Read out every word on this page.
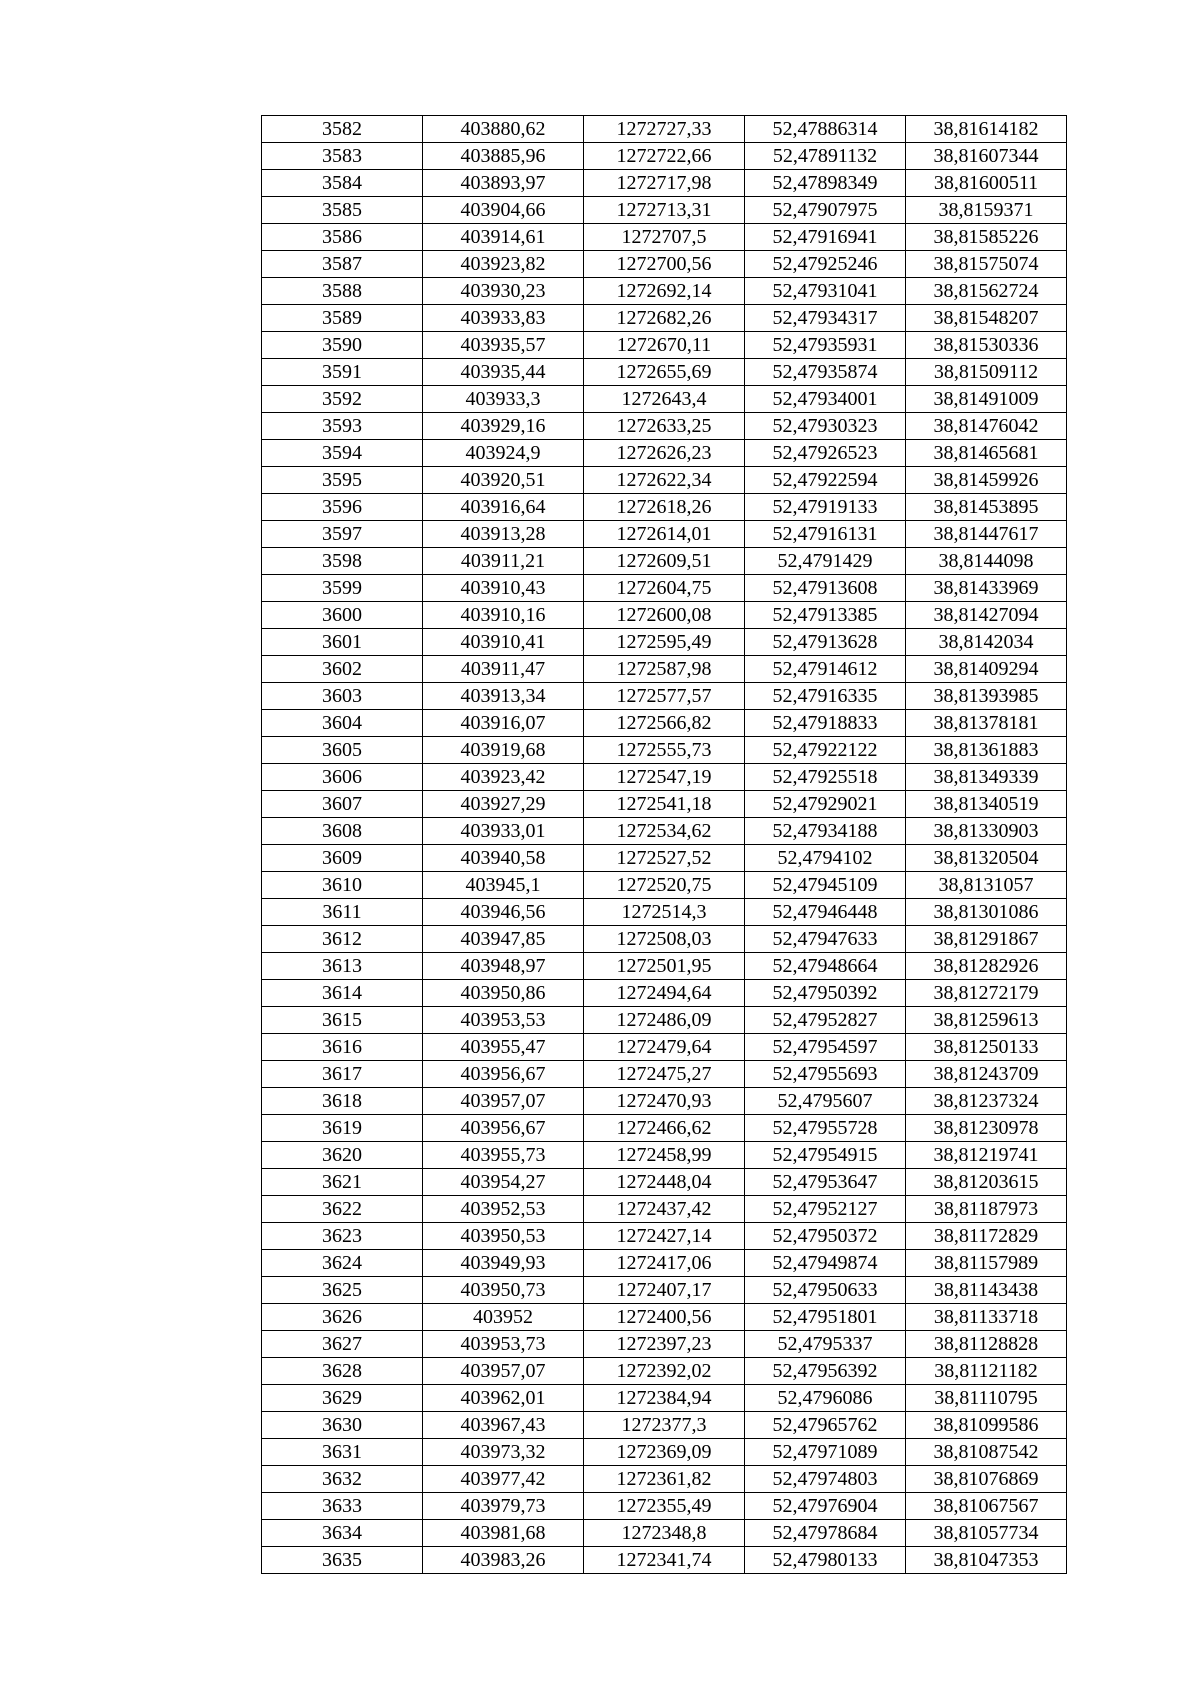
3582	403880,62	1272727,33	52,47886314	38,81614182
3583	403885,96	1272722,66	52,47891132	38,81607344
3584	403893,97	1272717,98	52,47898349	38,81600511
3585	403904,66	1272713,31	52,47907975	38,8159371
3586	403914,61	1272707,5	52,47916941	38,81585226
3587	403923,82	1272700,56	52,47925246	38,81575074
3588	403930,23	1272692,14	52,47931041	38,81562724
3589	403933,83	1272682,26	52,47934317	38,81548207
3590	403935,57	1272670,11	52,47935931	38,81530336
3591	403935,44	1272655,69	52,47935874	38,81509112
3592	403933,3	1272643,4	52,47934001	38,81491009
3593	403929,16	1272633,25	52,47930323	38,81476042
3594	403924,9	1272626,23	52,47926523	38,81465681
3595	403920,51	1272622,34	52,47922594	38,81459926
3596	403916,64	1272618,26	52,47919133	38,81453895
3597	403913,28	1272614,01	52,47916131	38,81447617
3598	403911,21	1272609,51	52,4791429	38,8144098
3599	403910,43	1272604,75	52,47913608	38,81433969
3600	403910,16	1272600,08	52,47913385	38,81427094
3601	403910,41	1272595,49	52,47913628	38,8142034
3602	403911,47	1272587,98	52,47914612	38,81409294
3603	403913,34	1272577,57	52,47916335	38,81393985
3604	403916,07	1272566,82	52,47918833	38,81378181
3605	403919,68	1272555,73	52,47922122	38,81361883
3606	403923,42	1272547,19	52,47925518	38,81349339
3607	403927,29	1272541,18	52,47929021	38,81340519
3608	403933,01	1272534,62	52,47934188	38,81330903
3609	403940,58	1272527,52	52,4794102	38,81320504
3610	403945,1	1272520,75	52,47945109	38,8131057
3611	403946,56	1272514,3	52,47946448	38,81301086
3612	403947,85	1272508,03	52,47947633	38,81291867
3613	403948,97	1272501,95	52,47948664	38,81282926
3614	403950,86	1272494,64	52,47950392	38,81272179
3615	403953,53	1272486,09	52,47952827	38,81259613
3616	403955,47	1272479,64	52,47954597	38,81250133
3617	403956,67	1272475,27	52,47955693	38,81243709
3618	403957,07	1272470,93	52,4795607	38,81237324
3619	403956,67	1272466,62	52,47955728	38,81230978
3620	403955,73	1272458,99	52,47954915	38,81219741
3621	403954,27	1272448,04	52,47953647	38,81203615
3622	403952,53	1272437,42	52,47952127	38,81187973
3623	403950,53	1272427,14	52,47950372	38,81172829
3624	403949,93	1272417,06	52,47949874	38,81157989
3625	403950,73	1272407,17	52,47950633	38,81143438
3626	403952	1272400,56	52,47951801	38,81133718
3627	403953,73	1272397,23	52,4795337	38,81128828
3628	403957,07	1272392,02	52,47956392	38,81121182
3629	403962,01	1272384,94	52,4796086	38,81110795
3630	403967,43	1272377,3	52,47965762	38,81099586
3631	403973,32	1272369,09	52,47971089	38,81087542
3632	403977,42	1272361,82	52,47974803	38,81076869
3633	403979,73	1272355,49	52,47976904	38,81067567
3634	403981,68	1272348,8	52,47978684	38,81057734
3635	403983,26	1272341,74	52,47980133	38,81047353
